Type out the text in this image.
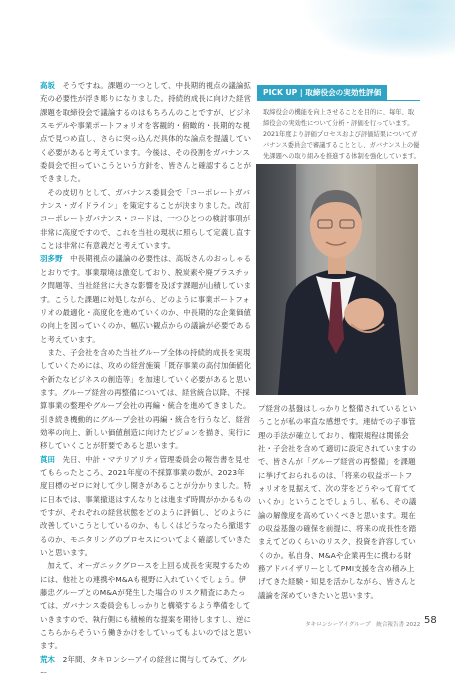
高坂　 そうですね。課題の一つとして、中長期的視点の議論拡充の必要性が浮き彫りになりました。持続的成長に向けた経営課題を取締役会で議論するのはもちろんのことですが、ビジネスモデルや事業ポートフォリオを客観的・俯瞰的・長期的な視点で見つめ直し、さらに突っ込んだ具体的な論点を提議していく必要があると考えています。今後は、その役割をガバナンス委員会で担っていこうという方針を、皆さんと確認することができました。

その皮切りとして、ガバナンス委員会で「コーポレートガバナンス・ガイドライン」を策定することが決まりました。改訂コーポレートガバナンス・コードは、一つひとつの検討事項が非常に高度ですので、これを当社の現状に照らして定義し直すことは非常に有意義だと考えています。

羽多野　 中長期視点の議論の必要性は、高坂さんのおっしゃるとおりです。事業環境は激変しており、脱炭素や廃プラスチック問題等、当社経営に大きな影響を及ぼす課題が山積しています。こうした課題に対処しながら、どのように事業ポートフォリオの最適化・高度化を進めていくのか、中長期的な企業価値の向上を図っていくのか、幅広い観点からの議論が必要であると考えています。

また、子会社を含めた当社グループ全体の持続的成長を実現していくためには、攻めの経営施策「既存事業の高付加価値化や新たなビジネスの創造等」を加速していく必要があると思います。グループ経営の再整備については、経営統合以降、不採算事業の整理やグループ会社の再編・統合を進めてきました。引き続き機動的にグループ会社の再編・統合を行うなど、経営効率の向上、新しい価値創造に向けたビジョンを描き、実行に移していくことが肝要であると思います。

莨田　 先日、中計・マテリアリティ管理委員会の報告書を見せてもらったところ、2021年度の不採算事業の数が、2023年度目標のゼロに対して少し開きがあることが分かりました。特に日本では、事業撤退はすんなりとは進まず時間がかかるものですが、それぞれの経営状態をどのように評価し、どのように改善していこうとしているのか、もしくはどうなったら撤退するのか、モニタリングのプロセスについてよく確認していきたいと思います。

加えて、オーガニックグロースを上回る成長を実現するためには、他社との連携やM&Aも視野に入れていくでしょう。伊藤忠グループとのM&Aが発生した場合のリスク精査にあたっては、ガバナンス委員会もしっかりと構築するよう準備をしていきますので、執行側にも積極的な提案を期待しますし、逆にこちらからそういう働きかけをしていってもよいのではと思います。

荒木　 2年間、タキロンシーアイの経営に関与してみて、グルー

PICK UP | 取締役会の実効性評価

取締役会の機能を向上させることを目的に、毎年、取締役会の実効性について分析・評価を行っています。2021年度より評価プロセスおよび評価結果についてガバナンス委員会で審議することとし、ガバナンス上の優先課題への取り組みを推進する体制を強化しています。

プ経営の基盤はしっかりと整備されているということが私の率直な感想です。連結での子事管理の手法が確立しており、権限規程は関係会社・子会社を含めて適切に設定されていますので、皆さんが「グループ経営の再整備」を課題に挙げておられるのは、「将来の収益ポートフォリオを見据えて、次の芽をどうやって育てていくか」ということでしょうし、私も、その議論の解像度を高めていくべきと思います。現在の収益基盤の確保を前提に、将来の成長性を踏まえてどのくらいのリスク、投資を許容していくのか。私自身、M&Aや企業再生に携わる財務アドバイザリーとしてPMI支援を含め積み上げてきた経験・知見を活かしながら、皆さんと議論を深めていきたいと思います。

タキロンシーアイグループ　統合報告書 2022 58
